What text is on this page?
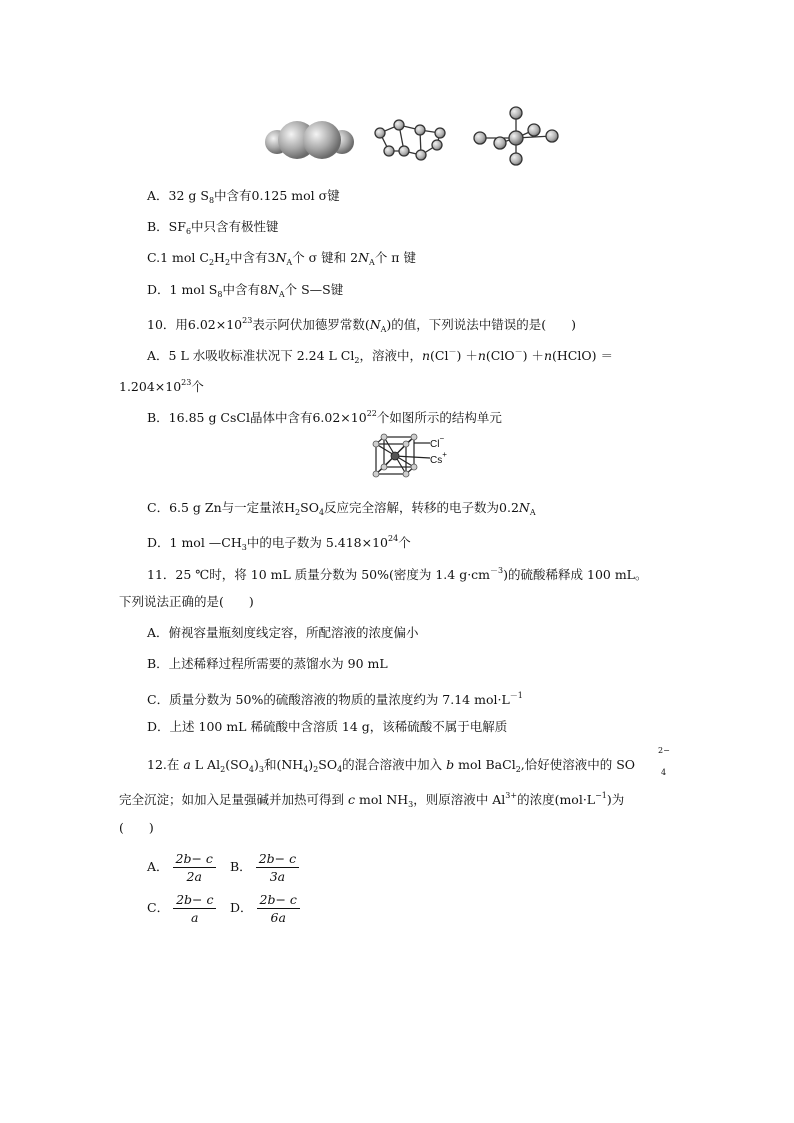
A．32 g $S_8$中含有0.125 mol σ键
B．$SF_6$中只含有极性键
C.1 mol $C_2H_2$中含有$3N_A$个 σ 键和 $2N_A$个 π 键
D．1 mol $S_8$中含有$8N_A$个 S—S键
10．用$6.02\times 10^{23}$表示阿伏加德罗常数$(N_A)$的值，下列说法中错误的是(　　)
A．5 L 水吸收标准状况下 2.24 L $Cl_2$，溶液中，n(Cl－) ＋n(ClO－) ＋n(HClO) ＝
$1.204\times 10^{23}$个
B．16.85 g CsCl晶体中含有$6.02\times 10^{22}$个如图所示的结构单元
Cl−
Cs+
C．6.5 g Zn与一定量浓$H_2SO_4$反应完全溶解，转移的电子数为$0.2N_A$
D．1 mol $—CH_3$中的电子数为 $5.418\times 10^{24}$个
11．25 ℃时，将 10 mL 质量分数为 50%(密度为 1.4 $g\cdot cm^{-3}$)的硫酸稀释成 100 mL。
下列说法正确的是(　　)
A．俯视容量瓶刻度线定容，所配溶液的浓度偏小
B．上述稀释过程所需要的蒸馏水为 90 mL
C．质量分数为 50%的硫酸溶液的物质的量浓度约为 7.14 $mol\cdot L^{-1}$
D．上述 100 mL 稀硫酸中含溶质 14 g，该稀硫酸不属于电解质
12.在 a L $Al_2(SO_4)_3$和$(NH_4)_2SO_4$的混合溶液中加入 b mol BaCl$_2$,恰好使溶液中的 SO
2−
4
完全沉淀；如加入足量强碱并加热可得到 c mol $NH_3$，则原溶液中 $Al^{3+}$的浓度$(mol\cdot L^{-1})$为
(　　)
A． $\frac{2b- c}{2a}$ B． $\frac{2b- c}{3a}$
C． $\frac{2b- c}{a}$ D． $\frac{2b- c}{6a}$
